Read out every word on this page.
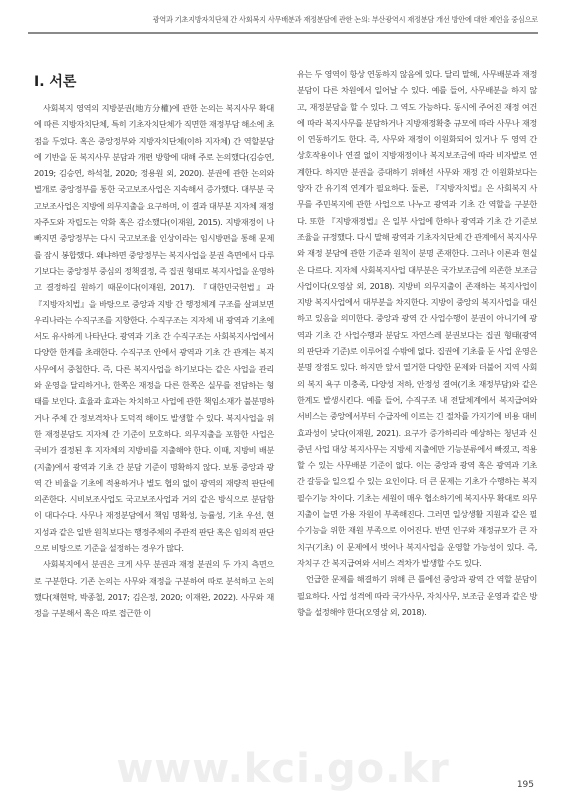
광역과 기초지방자치단체 간 사회복지 사무배분과 재정분담에 관한 논의: 부산광역시 재정분담 개선 방안에 대한 제언을 중심으로
Ⅰ. 서론

사회복지 영역의 지방분권(地方分權)에 관한 논의는 복지사무 확대에 따른 지방자치단체, 특히 기초자치단체가 직면한 재정부담 해소에 초점을 두었다. 혹은 중앙정부와 지방자치단체(이하 지자체) 간 역할분담에 기반을 둔 복지사무 분담과 개편 방향에 대해 주로 논의했다(김승연, 2019; 김승연, 하석철, 2020; 정용원 외, 2020). 분권에 관한 논의와 별개로 중앙정부를 통한 국고보조사업은 지속해서 증가했다. 대부분 국고보조사업은 지방에 의무지출을 요구하며, 이 결과 대부분 지자체 재정자주도와 자립도는 악화 혹은 감소했다(이재원, 2015). 지방재정이 나빠지면 중앙정부는 다시 국고보조율 인상이라는 임시방편을 통해 문제를 잠시 봉합했다. 왜냐하면 중앙정부는 복지사업을 분권 측면에서 다루기보다는 중앙정부 중심의 정책결정, 즉 집권 형태로 복지사업을 운영하고 결정하길 원하기 때문이다(이재원, 2017). 『대한민국헌법』과 『지방자치법』을 바탕으로 중앙과 지방 간 행정체계 구조를 살펴보면 우리나라는 수직구조를 지향한다. 수직구조는 지자체 내 광역과 기초에서도 유사하게 나타난다. 광역과 기초 간 수직구조는 사회복지사업에서 다양한 한계를 초래한다. 수직구조 안에서 광역과 기초 간 관계는 복지사무에서 중첩한다. 즉, 다른 복지사업을 하기보다는 같은 사업을 관리와 운영을 달리하거나, 한쪽은 재정을 다른 한쪽은 실무를 전담하는 형태를 보인다. 효율과 효과는 차치하고 사업에 관한 책임소재가 불분명하거나 주체 간 정보격차나 도덕적 해이도 발생할 수 있다. 복지사업을 위한 재정분담도 지자체 간 기준이 모호하다. 의무지출을 포함한 사업은 국비가 결정된 후 지자체의 지방비를 지출해야 한다. 이때, 지방비 배분(지출)에서 광역과 기초 간 분담 기준이 명확하지 않다. 보통 중앙과 광역 간 비율을 기초에 적용하거나 별도 협의 없이 광역의 재량적 판단에 의존한다. 시비보조사업도 국고보조사업과 거의 같은 방식으로 분담함이 대다수다. 사무나 재정분담에서 책임 명확성, 능률성, 기초 우선, 현지성과 같은 일반 원칙보다는 행정주체의 주관적 판단 혹은 임의적 판단으로 비탕으로 기준을 설정하는 경우가 많다.

사회복지에서 분권은 크게 사무 분권과 재정 분권의 두 가지 측면으로 구분한다. 기존 논의는 사무와 재정을 구분하여 따로 분석하고 논의했다(채현탁, 박종철, 2017; 김은정, 2020; 이재완, 2022). 사무와 재정을 구분해서 혹은 따로 접근한 이

유는 두 영역이 항상 연동하지 않음에 있다. 달리 말해, 사무배분과 재정분담이 다른 차원에서 일어날 수 있다. 예를 들어, 사무배분을 하지 않고, 재정분담을 할 수 있다. 그 역도 가능하다. 동시에 주어진 재정 여건에 따라 복지사무를 분담하거나 지방재정확충 규모에 따라 사무나 재정이 연동하기도 한다. 즉, 사무와 재정이 이원화되어 있거나 두 영역 간 상호작용이나 연결 없이 지방재정이나 복지보조금에 따라 비자발로 연계한다. 하지만 분권을 증대하기 위해선 사무와 재정 간 이원화보다는 양자 간 유기적 연계가 필요하다. 둘론, 『지방자치법』은 사회복지 사무를 주민복지에 관한 사업으로 나누고 광역과 기초 간 역할을 구분한다. 또한 『지방재정법』은 일부 사업에 한하나 광역과 기초 간 기준보조율을 규정했다. 다시 말해 광역과 기초자치단체 간 관계에서 복지사무와 재정 분담에 관한 기준과 원칙이 분명 존재한다. 그러나 이론과 현실은 다르다. 지자체 사회복지사업 대부분은 국가보조금에 의존한 보조금사업이다(오영삼 외, 2018). 지방비 의무지출이 존재하는 복지사업이 지방 복지사업에서 대부분을 차지한다. 지방이 중앙의 복지사업을 대신하고 있음을 의미한다. 중앙과 광역 간 사업수행이 분권이 아니기에 광역과 기초 간 사업수행과 분담도 자연스레 분권보다는 집권 형태(광역의 판단과 기준)로 이루어질 수밖에 없다. 집권에 기초를 둔 사업 운영은 분명 장점도 있다. 하지만 앞서 열거한 다양한 문제와 더불어 지역 사회의 복지 욕구 미충족, 다양성 저하, 안정성 결여(기초 재정부담)와 같은 한계도 발생시킨다. 예를 들어, 수직구조 내 전달체계에서 복지급여와 서비스는 중앙에서부터 수급자에 이르는 긴 절차를 가지기에 비용 대비 효과성이 낮다(이재원, 2021). 요구가 증가하리라 예상하는 청년과 신중년 사업 대상 복지사무는 지방세 지출에만 기능분류에서 빠졌고, 적용할 수 있는 사무배분 기준이 없다. 이는 중앙과 광역 혹은 광역과 기초 간 갈등을 일으킬 수 있는 요인이다. 더 큰 문제는 기초가 수행하는 복지 필수기능 차이다. 기초는 세원이 매우 협소하기에 복지사무 확대로 의무지출이 늘면 가용 자원이 부족해진다. 그러면 일상생활 지원과 같은 필수기능을 위한 재원 부족으로 이어진다. 반면 인구와 재정규모가 큰 자치구(기초) 이 문제에서 벗어나 복지사업을 운영할 가능성이 있다. 즉, 자치구 간 복지급여와 서비스 격차가 발생할 수도 있다.

언급한 문제를 해결하기 위해 큰 틀에선 중앙과 광역 간 역할 분담이 필요하다. 사업 성격에 따라 국가사무, 자치사무, 보조금 운영과 같은 방향을 설정해야 한다(오영삼 외, 2018).

www.kci.go.kr	195
